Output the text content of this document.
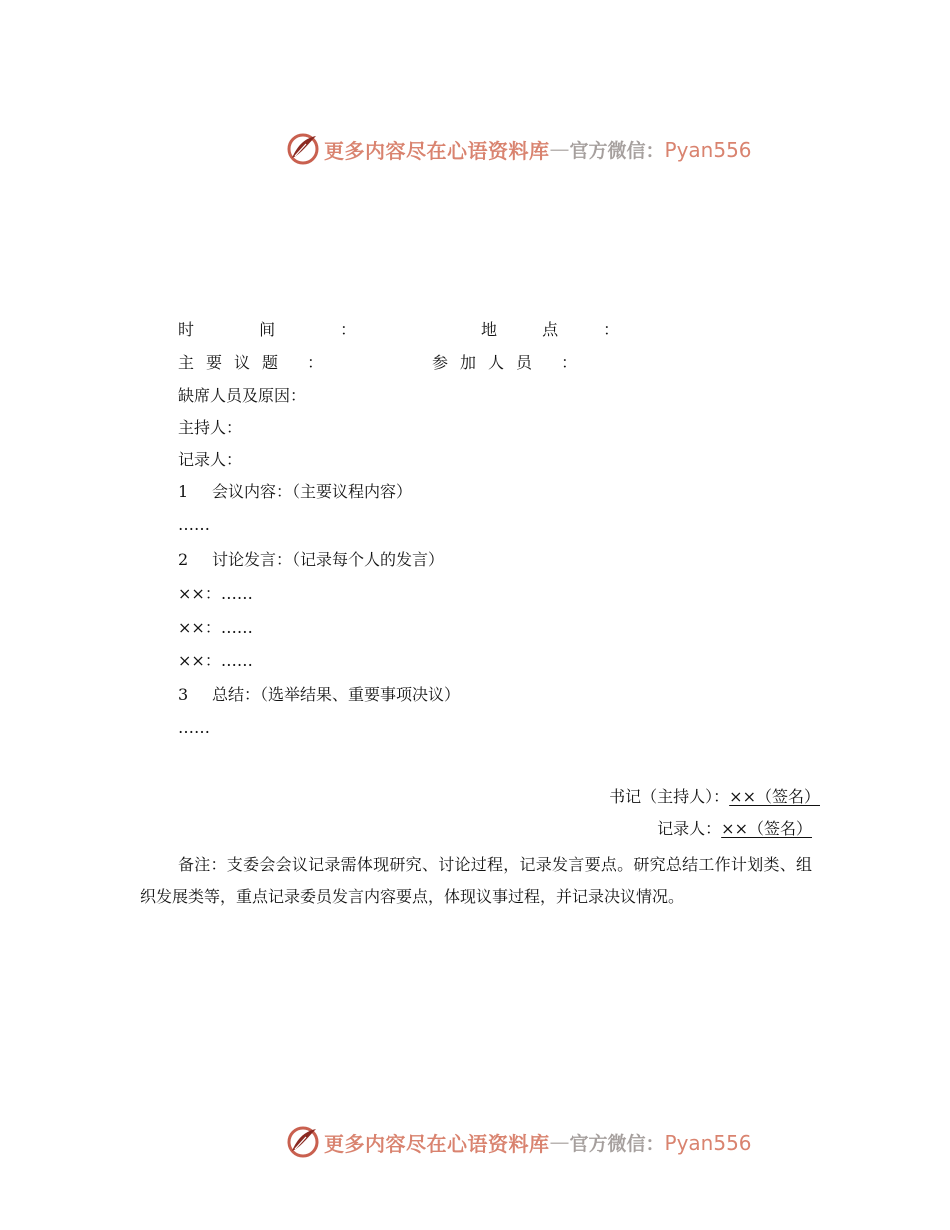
更多内容尽在心语资料库 — 官方微信：Pyan556
时 间 ：	地 点 ：
主要议题 ：	参加人员 ：
缺席人员及原因：
主持人：
记录人：
1 会议内容：（主要议程内容）
……
2 讨论发言：（记录每个人的发言）
××：……
××：……
××：……
3 总结：（选举结果、重要事项决议）
……
书记（主持人）：××（签名）
记录人：××（签名）
备注：支委会会议记录需体现研究、讨论过程，记录发言要点。研究总结工作计划类、组织发展类等，重点记录委员发言内容要点，体现议事过程，并记录决议情况。
更多内容尽在心语资料库 — 官方微信：Pyan556
